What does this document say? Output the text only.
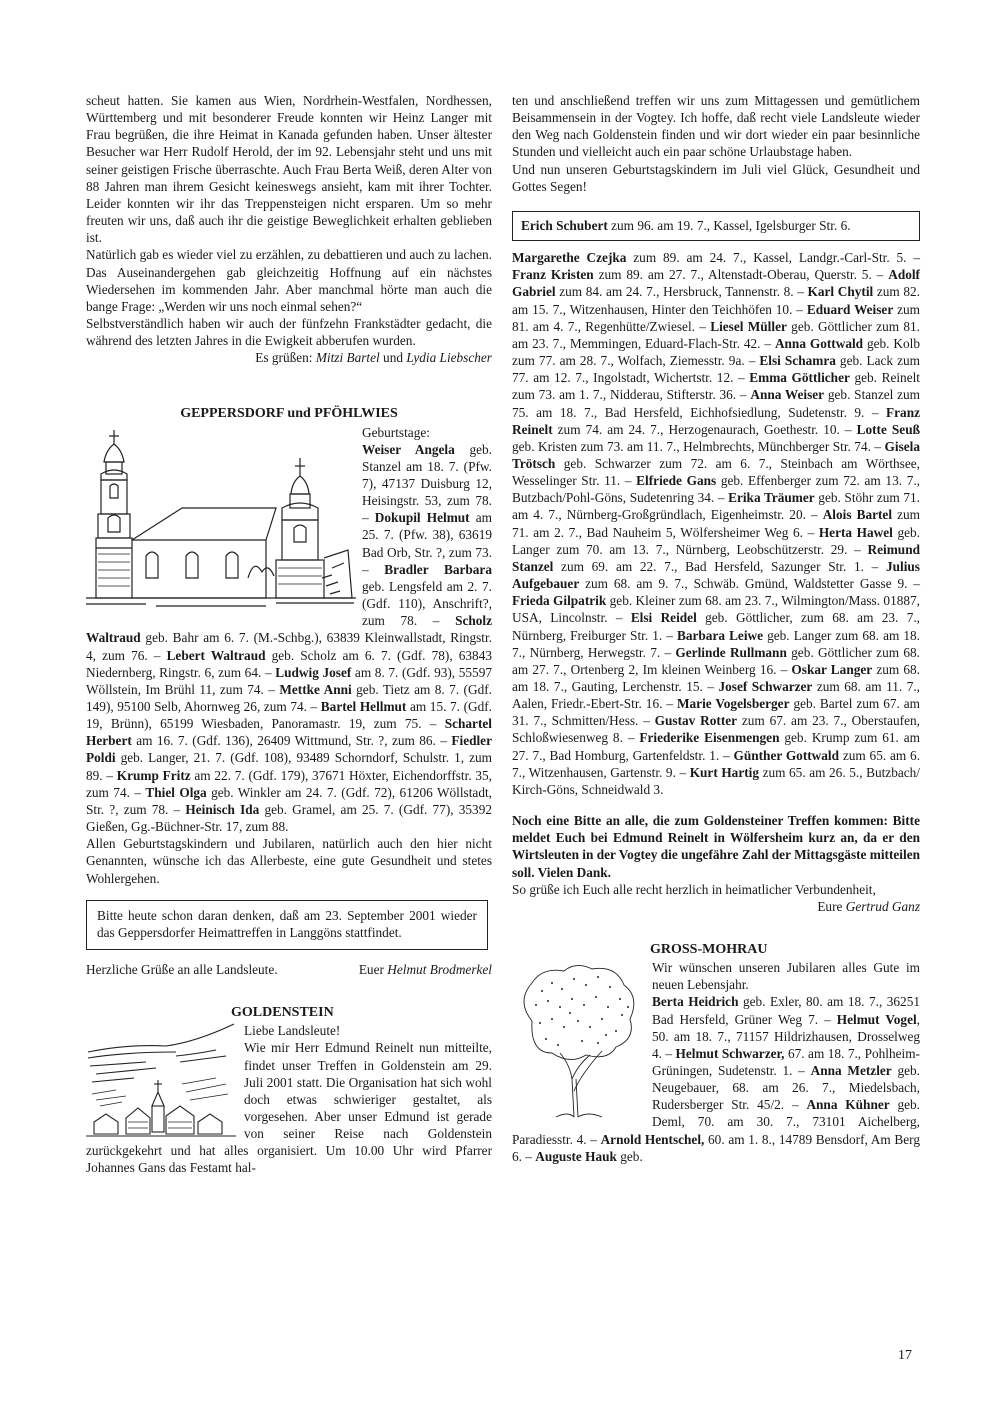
scheut hatten. Sie kamen aus Wien, Nordrhein-Westfalen, Nordhessen, Württemberg und mit besonderer Freude konnten wir Heinz Langer mit Frau begrüßen, die ihre Heimat in Kanada gefunden haben. Unser ältester Besucher war Herr Rudolf Herold, der im 92. Lebensjahr steht und uns mit seiner geistigen Frische überraschte. Auch Frau Berta Weiß, deren Alter von 88 Jahren man ihrem Gesicht keineswegs ansieht, kam mit ihrer Tochter. Leider konnten wir ihr das Treppensteigen nicht ersparen. Um so mehr freuten wir uns, daß auch ihr die geistige Beweglichkeit erhalten geblieben ist.

Natürlich gab es wieder viel zu erzählen, zu debattieren und auch zu lachen. Das Auseinandergehen gab gleichzeitig Hoffnung auf ein nächstes Wiedersehen im kommenden Jahr. Aber manchmal hörte man auch die bange Frage: „Werden wir uns noch einmal sehen?“

Selbstverständlich haben wir auch der fünfzehn Frankstädter gedacht, die während des letzten Jahres in die Ewigkeit abberufen wurden.
Es grüßen: Mitzi Bartel und Lydia Liebscher

GEPPERSDORF und PFÖHLWIES

Geburtstage:
Weiser Angela geb. Stanzel am 18. 7. (Pfw. 7), 47137 Duisburg 12, Heisingstr. 53, zum 78. – Dokupil Helmut am 25. 7. (Pfw. 38), 63619 Bad Orb, Str. ?, zum 73. – Bradler Barbara geb. Lengsfeld am 2. 7. (Gdf. 110), Anschrift?, zum 78. – Scholz Waltraud geb. Bahr am 6. 7. (M.-Schbg.), 63839 Kleinwallstadt, Ringstr. 4, zum 76. – Lebert Waltraud geb. Scholz am 6. 7. (Gdf. 78), 63843 Niedernberg, Ringstr. 6, zum 64. – Ludwig Josef am 8. 7. (Gdf. 93), 55597 Wöllstein, Im Brühl 11, zum 74. – Mettke Anni geb. Tietz am 8. 7. (Gdf. 149), 95100 Selb, Ahornweg 26, zum 74. – Bartel Hellmut am 15. 7. (Gdf. 19, Brünn), 65199 Wiesbaden, Panoramastr. 19, zum 75. – Schartel Herbert am 16. 7. (Gdf. 136), 26409 Wittmund, Str. ?, zum 86. – Fiedler Poldi geb. Langer, 21. 7. (Gdf. 108), 93489 Schorndorf, Schulstr. 1, zum 89. – Krump Fritz am 22. 7. (Gdf. 179), 37671 Höxter, Eichendorffstr. 35, zum 74. – Thiel Olga geb. Winkler am 24. 7. (Gdf. 72), 61206 Wöllstadt, Str. ?, zum 78. – Heinisch Ida geb. Gramel, am 25. 7. (Gdf. 77), 35392 Gießen, Gg.-Büchner-Str. 17, zum 88.

Allen Geburtstagskindern und Jubilaren, natürlich auch den hier nicht Genannten, wünsche ich das Allerbeste, eine gute Gesundheit und stetes Wohlergehen.

Bitte heute schon daran denken, daß am 23. September 2001 wieder das Geppersdorfer Heimattreffen in Langgöns stattfindet.

Herzliche Grüße an alle Landsleute.	Euer Helmut Brodmerkel

GOLDENSTEIN

Liebe Landsleute!

Wie mir Herr Edmund Reinelt nun mitteilte, findet unser Treffen in Goldenstein am 29. Juli 2001 statt. Die Organisation hat sich wohl doch etwas schwieriger gestaltet, als vorgesehen. Aber unser Edmund ist gerade von seiner Reise nach Goldenstein zurückgekehrt und hat alles organisiert. Um 10.00 Uhr wird Pfarrer Johannes Gans das Festamt hal-

ten und anschließend treffen wir uns zum Mittagessen und gemütlichem Beisammensein in der Vogtey. Ich hoffe, daß recht viele Landsleute wieder den Weg nach Goldenstein finden und wir dort wieder ein paar besinnliche Stunden und vielleicht auch ein paar schöne Urlaubstage haben.

Und nun unseren Geburtstagskindern im Juli viel Glück, Gesundheit und Gottes Segen!

Erich Schubert zum 96. am 19. 7., Kassel, Igelsburger Str. 6.

Margarethe Czejka zum 89. am 24. 7., Kassel, Landgr.-Carl-Str. 5. – Franz Kristen zum 89. am 27. 7., Altenstadt-Oberau, Querstr. 5. – Adolf Gabriel zum 84. am 24. 7., Hersbruck, Tannenstr. 8. – Karl Chytil zum 82. am 15. 7., Witzenhausen, Hinter den Teichhöfen 10. – Eduard Weiser zum 81. am 4. 7., Regenhütte/Zwiesel. – Liesel Müller geb. Göttlicher zum 81. am 23. 7., Memmingen, Eduard-Flach-Str. 42. – Anna Gottwald geb. Kolb zum 77. am 28. 7., Wolfach, Ziemesstr. 9a. – Elsi Schamra geb. Lack zum 77. am 12. 7., Ingolstadt, Wichertstr. 12. – Emma Göttlicher geb. Reinelt zum 73. am 1. 7., Nidderau, Stifterstr. 36. – Anna Weiser geb. Stanzel zum 75. am 18. 7., Bad Hersfeld, Eichhofsiedlung, Sudetenstr. 9. – Franz Reinelt zum 74. am 24. 7., Herzogenaurach, Goethestr. 10. – Lotte Seuß geb. Kristen zum 73. am 11. 7., Helmbrechts, Münchberger Str. 74. – Gisela Trötsch geb. Schwarzer zum 72. am 6. 7., Steinbach am Wörthsee, Wesselinger Str. 11. – Elfriede Gans geb. Effenberger zum 72. am 13. 7., Butzbach/Pohl-Göns, Sudetenring 34. – Erika Träumer geb. Stöhr zum 71. am 4. 7., Nürnberg-Großgründlach, Eigenheimstr. 20. – Alois Bartel zum 71. am 2. 7., Bad Nauheim 5, Wölfersheimer Weg 6. – Herta Hawel geb. Langer zum 70. am 13. 7., Nürnberg, Leobschützerstr. 29. – Reimund Stanzel zum 69. am 22. 7., Bad Hersfeld, Sazunger Str. 1. – Julius Aufgebauer zum 68. am 9. 7., Schwäb. Gmünd, Waldstetter Gasse 9. – Frieda Gilpatrik geb. Kleiner zum 68. am 23. 7., Wilmington/Mass. 01887, USA, Lincolnstr. – Elsi Reidel geb. Göttlicher, zum 68. am 23. 7., Nürnberg, Freiburger Str. 1. – Barbara Leiwe geb. Langer zum 68. am 18. 7., Nürnberg, Herwegstr. 7. – Gerlinde Rullmann geb. Göttlicher zum 68. am 27. 7., Ortenberg 2, Im kleinen Weinberg 16. – Oskar Langer zum 68. am 18. 7., Gauting, Lerchenstr. 15. – Josef Schwarzer zum 68. am 11. 7., Aalen, Friedr.-Ebert-Str. 16. – Marie Vogelsberger geb. Bartel zum 67. am 31. 7., Schmitten/Hess. – Gustav Rotter zum 67. am 23. 7., Oberstaufen, Schloßwiesenweg 8. – Friederike Eisenmengen geb. Krump zum 61. am 27. 7., Bad Homburg, Gartenfeldstr. 1. – Günther Gottwald zum 65. am 6. 7., Witzenhausen, Gartenstr. 9. – Kurt Hartig zum 65. am 26. 5., Butzbach/ Kirch-Göns, Schneidwald 3.

Noch eine Bitte an alle, die zum Goldensteiner Treffen kommen: Bitte meldet Euch bei Edmund Reinelt in Wölfersheim kurz an, da er den Wirtsleuten in der Vogtey die ungefähre Zahl der Mittagsgäste mitteilen soll. Vielen Dank.

So grüße ich Euch alle recht herzlich in heimatlicher Verbundenheit,
Eure Gertrud Ganz

GROSS-MOHRAU

Wir wünschen unseren Jubilaren alles Gute im neuen Lebensjahr.

Berta Heidrich geb. Exler, 80. am 18. 7., 36251 Bad Hersfeld, Grüner Weg 7. – Helmut Vogel, 50. am 18. 7., 71157 Hildrizhausen, Drosselweg 4. – Helmut Schwarzer, 67. am 18. 7., Pohlheim-Grüningen, Sudetenstr. 1. – Anna Metzler geb. Neugebauer, 68. am 26. 7., Miedelsbach, Rudersberger Str. 45/2. – Anna Kühner geb. Deml, 70. am 30. 7., 73101 Aichelberg, Paradiesstr. 4. – Arnold Hentschel, 60. am 1. 8., 14789 Bensdorf, Am Berg 6. – Auguste Hauk geb.

17
